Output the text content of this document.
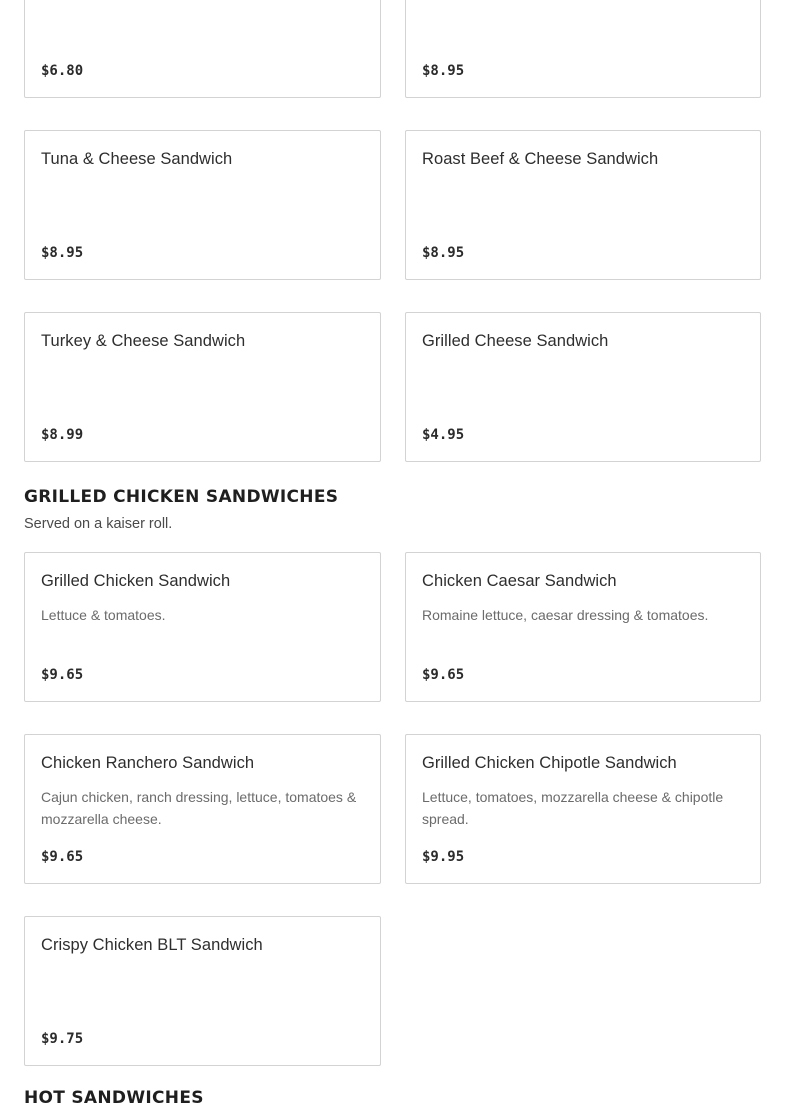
$6.80	$8.95
Tuna & Cheese Sandwich
$8.95
Roast Beef & Cheese Sandwich
$8.95
Turkey & Cheese Sandwich
$8.99
Grilled Cheese Sandwich
$4.95
GRILLED CHICKEN SANDWICHES

Served on a kaiser roll.

Grilled Chicken Sandwich
Lettuce & tomatoes.
$9.65
Chicken Caesar Sandwich
Romaine lettuce, caesar dressing & tomatoes.
$9.65
Chicken Ranchero Sandwich
Cajun chicken, ranch dressing, lettuce, tomatoes & mozzarella cheese.
$9.65
Grilled Chicken Chipotle Sandwich
Lettuce, tomatoes, mozzarella cheese & chipotle spread.
$9.95
Crispy Chicken BLT Sandwich
$9.75
HOT SANDWICHES
